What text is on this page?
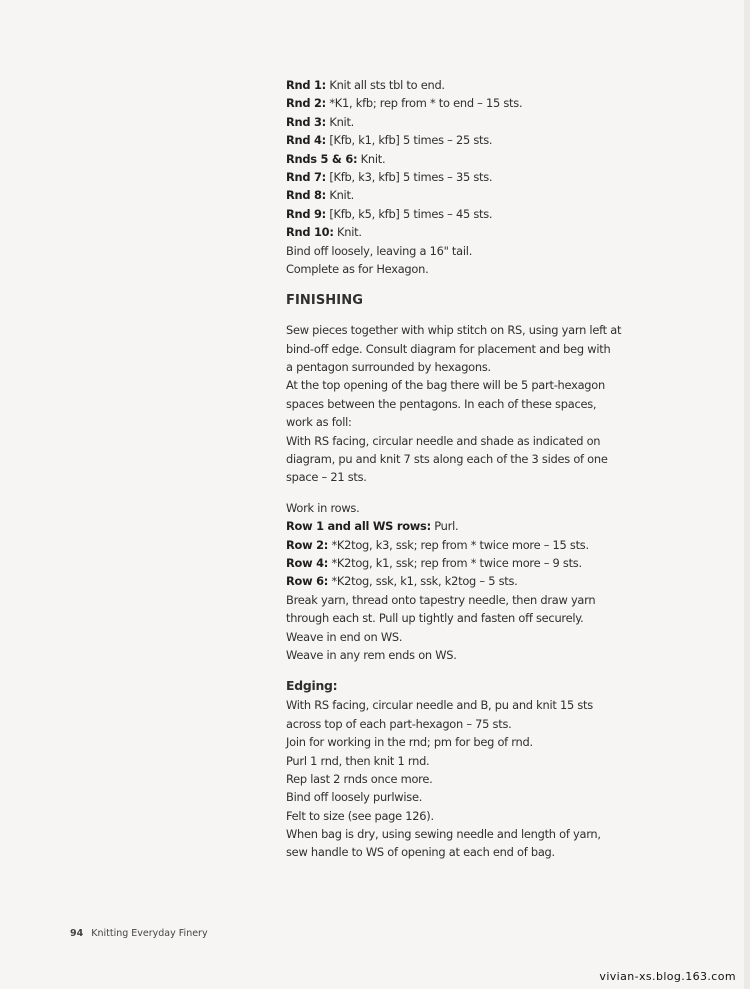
Rnd 1: Knit all sts tbl to end.
Rnd 2: *K1, kfb; rep from * to end – 15 sts.
Rnd 3: Knit.
Rnd 4: [Kfb, k1, kfb] 5 times – 25 sts.
Rnds 5 & 6: Knit.
Rnd 7: [Kfb, k3, kfb] 5 times – 35 sts.
Rnd 8: Knit.
Rnd 9: [Kfb, k5, kfb] 5 times – 45 sts.
Rnd 10: Knit.
Bind off loosely, leaving a 16" tail.
Complete as for Hexagon.
FINISHING
Sew pieces together with whip stitch on RS, using yarn left at
bind-off edge. Consult diagram for placement and beg with
a pentagon surrounded by hexagons.
At the top opening of the bag there will be 5 part-hexagon
spaces between the pentagons. In each of these spaces,
work as foll:
With RS facing, circular needle and shade as indicated on
diagram, pu and knit 7 sts along each of the 3 sides of one
space – 21 sts.
Work in rows.
Row 1 and all WS rows: Purl.
Row 2: *K2tog, k3, ssk; rep from * twice more – 15 sts.
Row 4: *K2tog, k1, ssk; rep from * twice more – 9 sts.
Row 6: *K2tog, ssk, k1, ssk, k2tog – 5 sts.
Break yarn, thread onto tapestry needle, then draw yarn
through each st. Pull up tightly and fasten off securely.
Weave in end on WS.
Weave in any rem ends on WS.
Edging:
With RS facing, circular needle and B, pu and knit 15 sts
across top of each part-hexagon – 75 sts.
Join for working in the rnd; pm for beg of rnd.
Purl 1 rnd, then knit 1 rnd.
Rep last 2 rnds once more.
Bind off loosely purlwise.
Felt to size (see page 126).
When bag is dry, using sewing needle and length of yarn,
sew handle to WS of opening at each end of bag.
94 Knitting Everyday Finery
vivian-xs.blog.163.com
